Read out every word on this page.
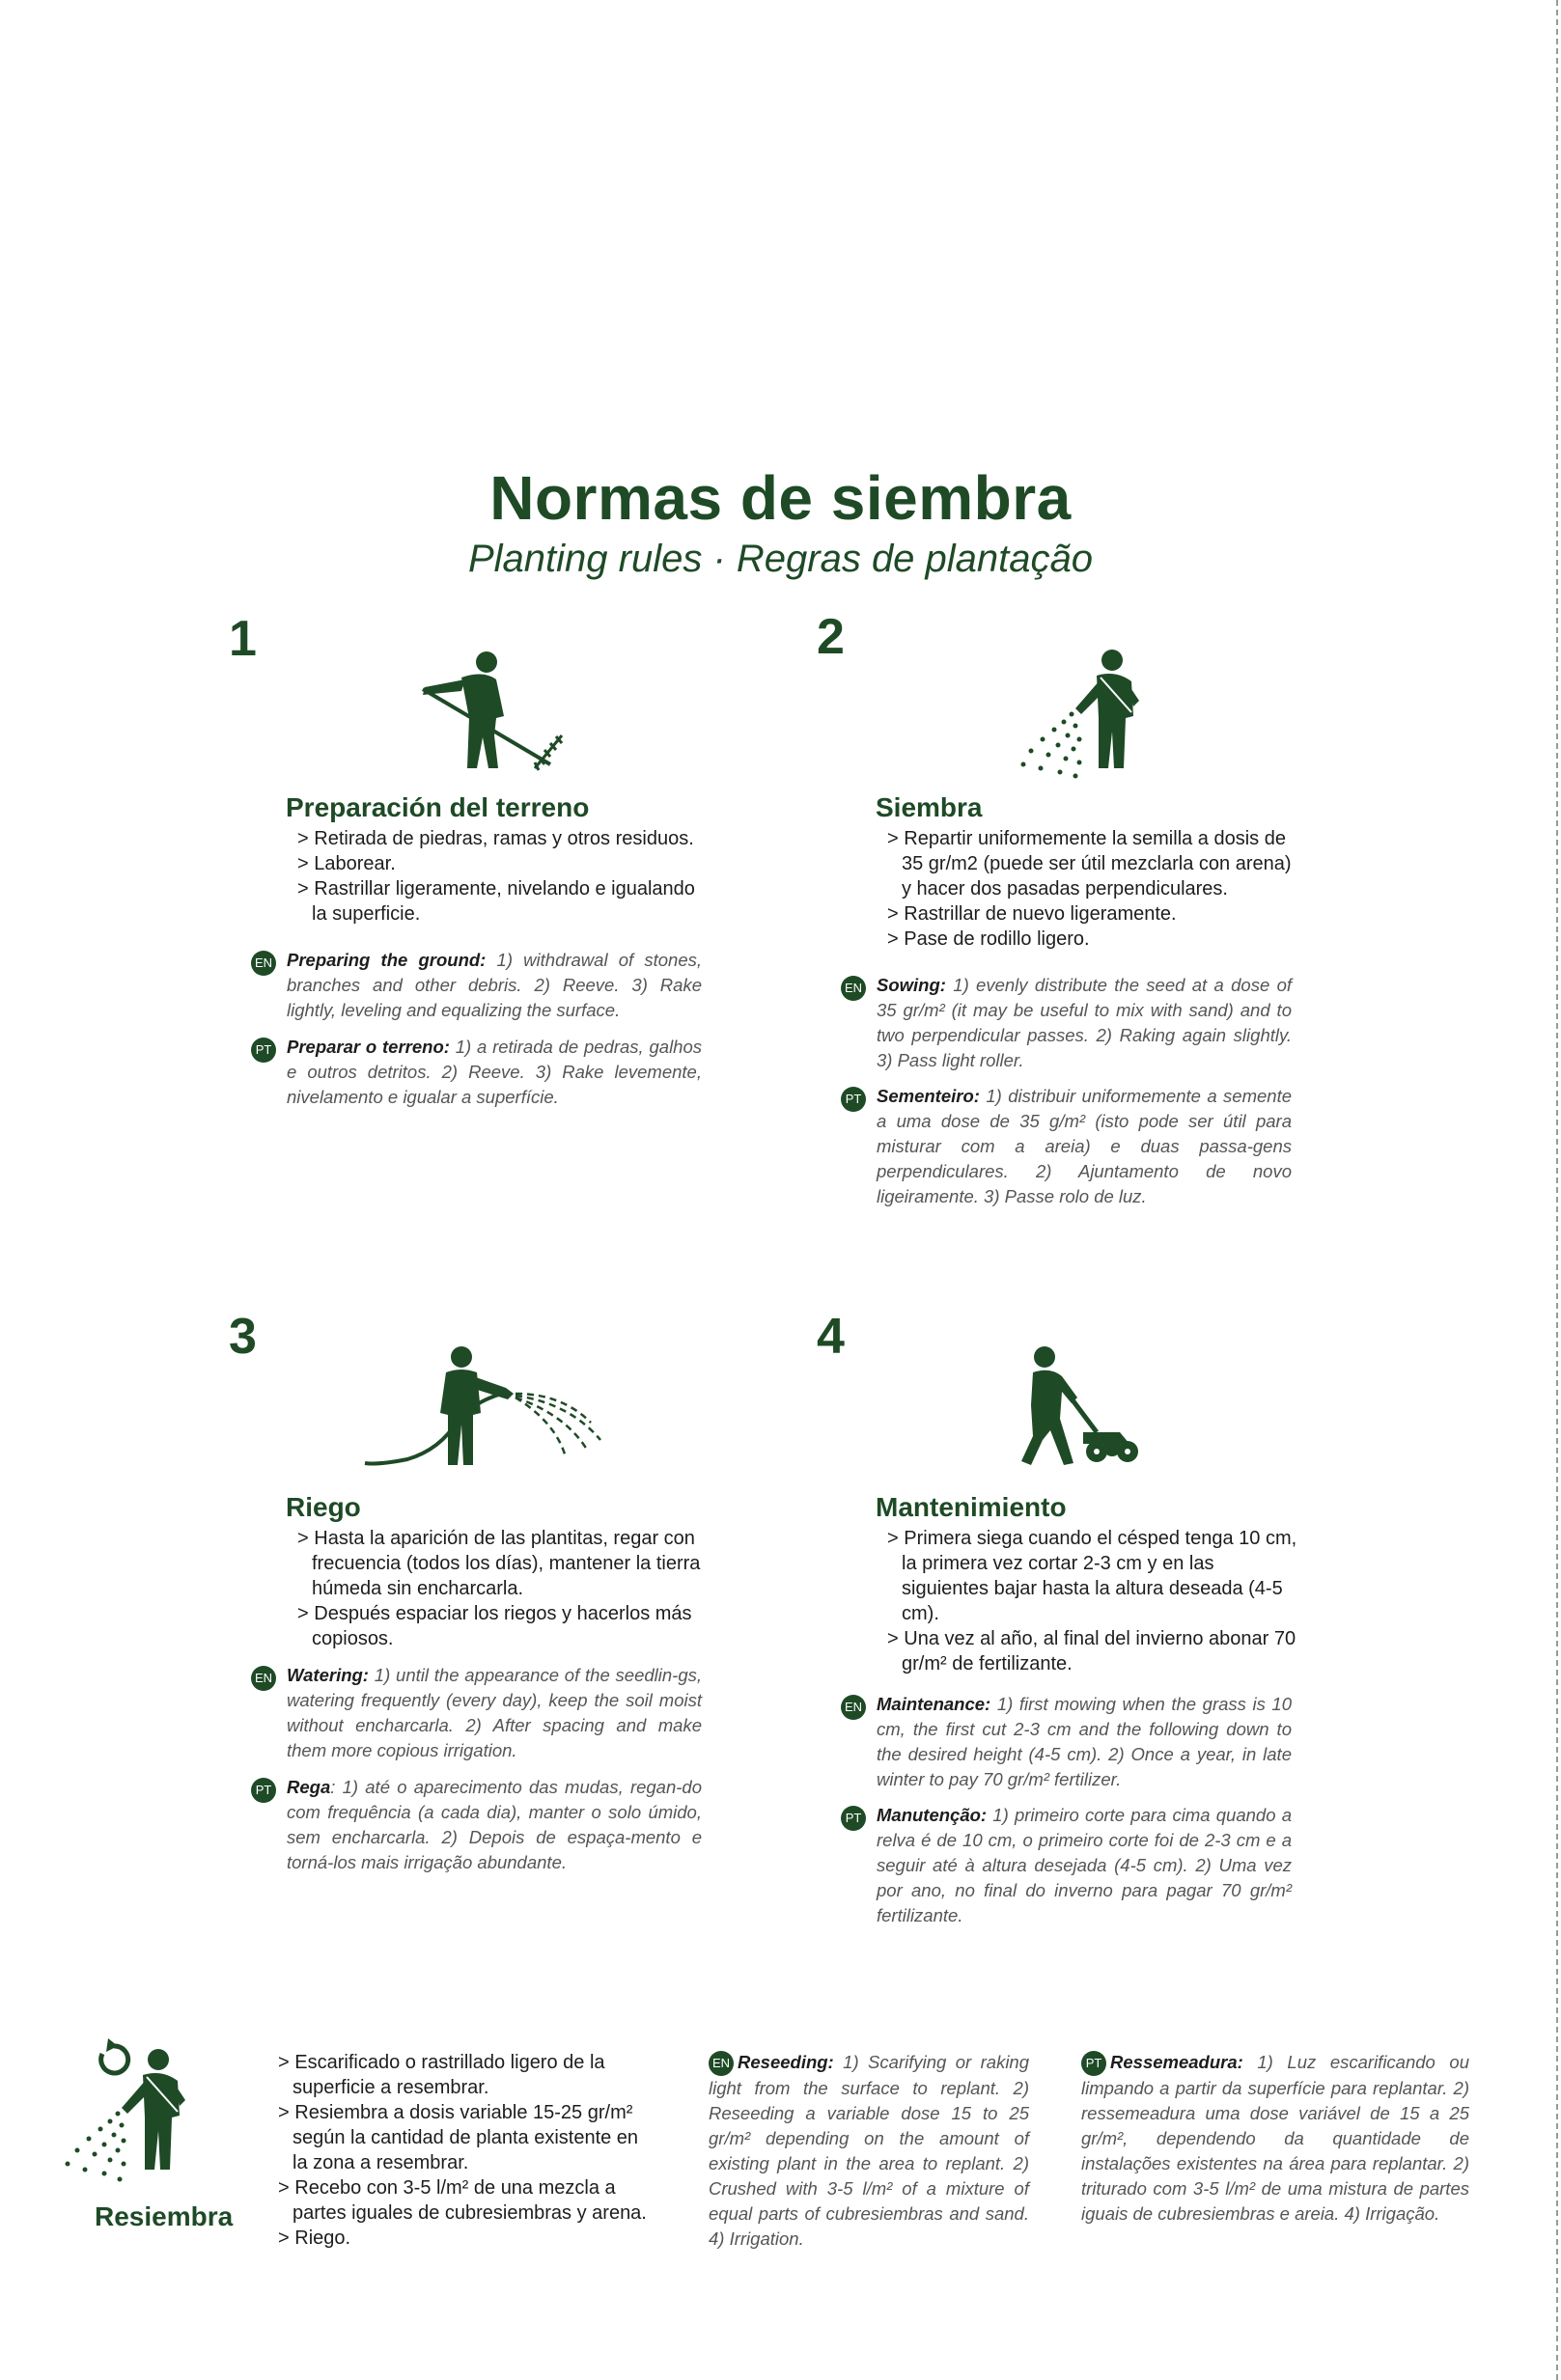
Normas de siembra
Planting rules · Regras de plantação
1
Preparación del terreno
> Retirada de piedras, ramas y otros residuos.
> Laborear.
> Rastrillar ligeramente, nivelando e igualando la superficie.
EN Preparing the ground: 1) withdrawal of stones, branches and other debris. 2) Reeve. 3) Rake lightly, leveling and equalizing the surface.
PT Preparar o terreno: 1) a retirada de pedras, galhos e outros detritos. 2) Reeve. 3) Rake levemente, nivelamento e igualar a superfície.
2
Siembra
> Repartir uniformemente la semilla a dosis de 35 gr/m2 (puede ser útil mezclarla con arena) y hacer dos pasadas perpendiculares.
> Rastrillar de nuevo ligeramente.
> Pase de rodillo ligero.
EN Sowing: 1) evenly distribute the seed at a dose of 35 gr/m² (it may be useful to mix with sand) and to two perpendicular passes. 2) Raking again slightly. 3) Pass light roller.
PT Sementeiro: 1) distribuir uniformemente a semente a uma dose de 35 g/m² (isto pode ser útil para misturar com a areia) e duas passa-gens perpendiculares. 2) Ajuntamento de novo ligeiramente. 3) Passe rolo de luz.
3
Riego
> Hasta la aparición de las plantitas, regar con frecuencia (todos los días), mantener la tierra húmeda sin encharcarla.
> Después espaciar los riegos y hacerlos más copiosos.
EN Watering: 1) until the appearance of the seedlin-gs, watering frequently (every day), keep the soil moist without encharcarla. 2) After spacing and make them more copious irrigation.
PT Rega: 1) até o aparecimento das mudas, regan-do com frequência (a cada dia), manter o solo úmido, sem encharcarla. 2) Depois de espaça-mento e torná-los mais irrigação abundante.
4
Mantenimiento
> Primera siega cuando el césped tenga 10 cm, la primera vez cortar 2-3 cm y en las siguientes bajar hasta la altura deseada (4-5 cm).
> Una vez al año, al final del invierno abonar 70 gr/m² de fertilizante.
EN Maintenance: 1) first mowing when the grass is 10 cm, the first cut 2-3 cm and the following down to the desired height (4-5 cm). 2) Once a year, in late winter to pay 70 gr/m² fertilizer.
PT Manutenção: 1) primeiro corte para cima quando a relva é de 10 cm, o primeiro corte foi de 2-3 cm e a seguir até à altura desejada (4-5 cm). 2) Uma vez por ano, no final do inverno para pagar 70 gr/m² fertilizante.
Resiembra
> Escarificado o rastrillado ligero de la superficie a resembrar.
> Resiembra a dosis variable 15-25 gr/m² según la cantidad de planta existente en la zona a resembrar.
> Recebo con 3-5 l/m² de una mezcla a partes iguales de cubresiembras y arena.
> Riego.
EN Reseeding: 1) Scarifying or raking light from the surface to replant. 2) Reseeding a variable dose 15 to 25 gr/m² depending on the amount of existing plant in the area to replant. 2) Crushed with 3-5 l/m² of a mixture of equal parts of cubresiembras and sand. 4) Irrigation.
PT Ressemeadura: 1) Luz escarificando ou limpando a partir da superfície para replantar. 2) ressemeadura uma dose variável de 15 a 25 gr/m², dependendo da quantidade de instalações existentes na área para replantar. 2) triturado com 3-5 l/m² de uma mistura de partes iguais de cubresiembras e areia. 4) Irrigação.
